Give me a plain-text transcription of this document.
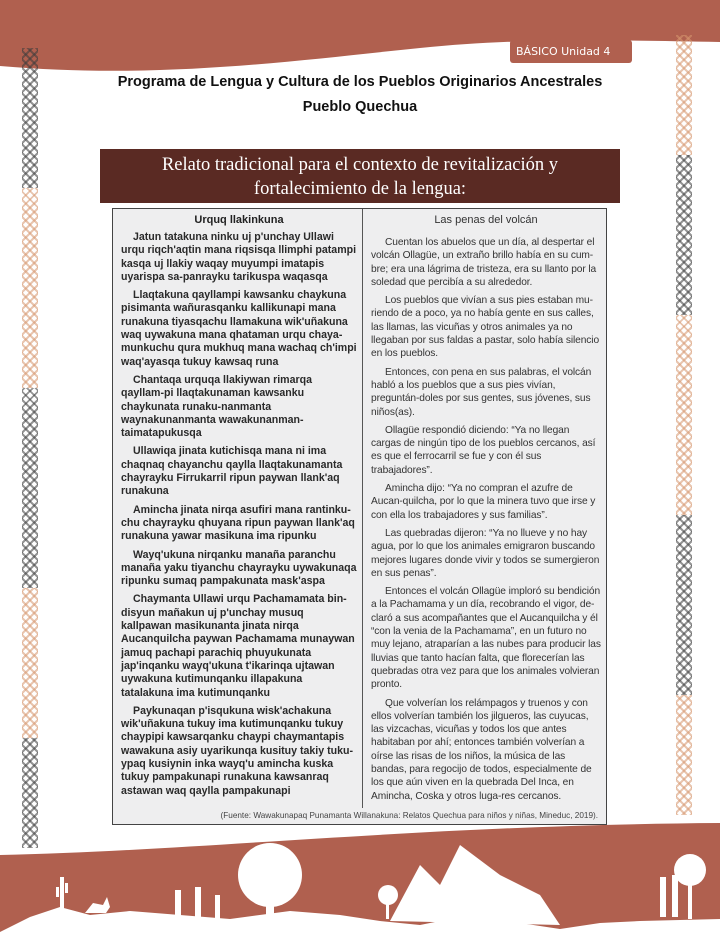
BÁSICO Unidad 4
Programa de Lengua y Cultura de los Pueblos Originarios Ancestrales
Pueblo Quechua
Relato tradicional para el contexto de revitalización y
fortalecimiento de la lengua:
Urquq llakinkuna

Jatun tatakuna ninku uj p'unchay Ullawi urqu riqch'aqtin mana riqsisqa llimphi patampi kasqa uj llakiy waqay muyumpi imatapis uyarispa sa-panrayku tarikuspa waqasqa

Llaqtakuna qayllampi kawsanku chaykuna pisimanta wañurasqanku kallikunapi mana runakuna tiyasqachu llamakuna wik'uñakuna waq uywakuna mana qhataman urqu chaya-munkuchu qura mukhuq mana wachaq ch'impi waq'ayasqa tukuy kawsaq runa

Chantaqa urquqa llakiywan rimarqa qayllam-pi llaqtakunaman kawsanku chaykunata runaku-nanmanta waynakunanmanta wawakunanman-taimatapukusqa

Ullawiqa jinata kutichisqa mana ni ima chaqnaq chayanchu qaylla llaqtakunamanta chayrayku Firrukarril ripun paywan llank'aq runakuna

Amincha jinata nirqa asufiri mana rantinku-chu chayrayku qhuyana ripun paywan llank'aq runakuna yawar masikuna ima ripunku

Wayq'ukuna nirqanku manaña paranchu manaña yaku tiyanchu chayrayku uywakunaqa ripunku sumaq pampakunata mask'aspa

Chaymanta Ullawi urqu Pachamamata bin-disyun mañakun uj p'unchay musuq kallpawan masikunanta jinata nirqa Aucanquilcha paywan Pachamama munaywan jamuq pachapi parachiq phuyukunata jap'inqanku wayq'ukuna t'ikarinqa ujtawan uywakuna kutimunqanku illapakuna tatalakuna ima kutimunqanku

Paykunaqan p'isqukuna wisk'achakuna wik'uñakuna tukuy ima kutimunqanku tukuy chaypipi kawsarqanku chaypi chaymantapis wawakuna asiy uyarikunqa kusituy takiy tuku-ypaq kusiynin inka wayq'u amincha kuska tukuy pampakunapi runakuna kawsanraq astawan waq qaylla pampakunapi

Las penas del volcán

Cuentan los abuelos que un día, al despertar el volcán Ollagüe, un extraño brillo había en su cum-bre; era una lágrima de tristeza, era su llanto por la soledad que percibía a su alrededor.

Los pueblos que vivían a sus pies estaban mu-riendo de a poco, ya no había gente en sus calles, las llamas, las vicuñas y otros animales ya no llegaban por sus faldas a pastar, solo había silencio en los pueblos.

Entonces, con pena en sus palabras, el volcán habló a los pueblos que a sus pies vivían, preguntán-doles por sus gentes, sus jóvenes, sus niños(as).

Ollagüe respondió diciendo: “Ya no llegan cargas de ningún tipo de los pueblos cercanos, así es que el ferrocarril se fue y con él sus trabajadores”.

Amincha dijo: “Ya no compran el azufre de Aucan-quilcha, por lo que la minera tuvo que irse y con ella los trabajadores y sus familias”.

Las quebradas dijeron: “Ya no llueve y no hay agua, por lo que los animales emigraron buscando mejores lugares donde vivir y todos se sumergieron en sus penas”.

Entonces el volcán Ollagüe imploró su bendición a la Pachamama y un día, recobrando el vigor, de-claró a sus acompañantes que el Aucanquilcha y él “con la venia de la Pachamama”, en un futuro no muy lejano, atraparían a las nubes para producir las lluvias que tanto hacían falta, que florecerían las quebradas otra vez para que los animales volvieran pronto.

Que volverían los relámpagos y truenos y con ellos volverían también los jilgueros, las cuyucas, las vizcachas, vicuñas y todos los que antes habitaban por ahí; entonces también volverían a oírse las risas de los niños, la música de las bandas, para regocijo de todos, especialmente de los que aún viven en la quebrada Del Inca, en Amincha, Coska y otros luga-res cercanos.

(Fuente: Wawakunapaq Punamanta Willanakuna: Relatos Quechua para niños y niñas, Mineduc, 2019).
